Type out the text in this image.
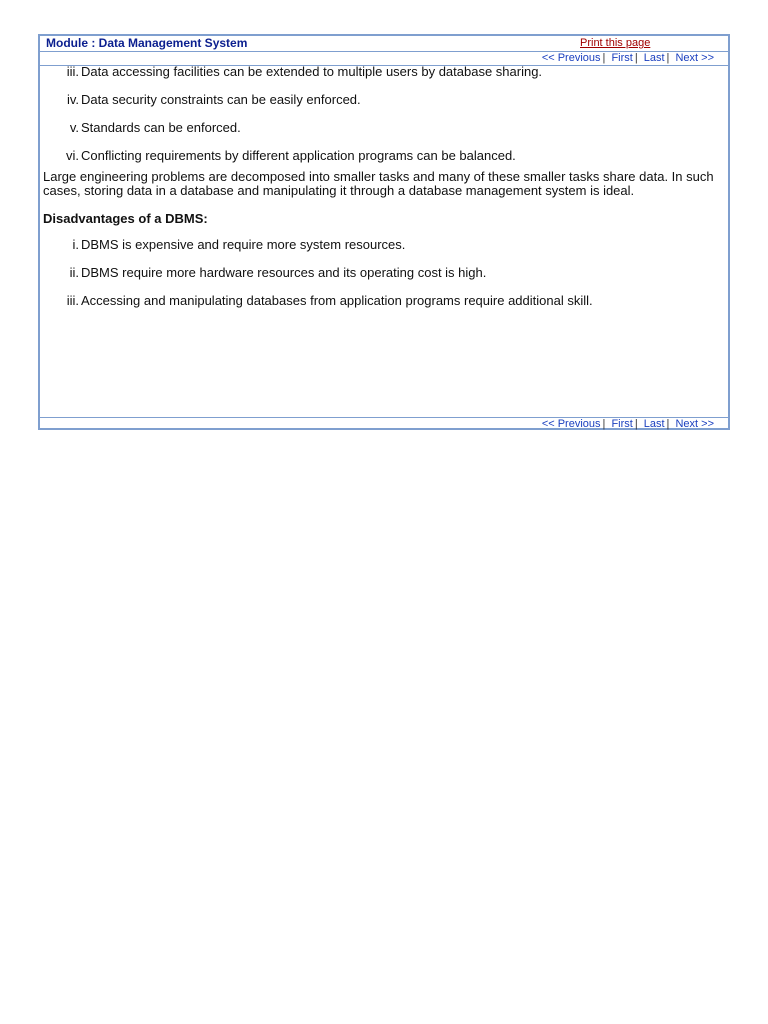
Module : Data Management System	Print this page
<< Previous | First | Last | Next >>
iii. Data accessing facilities can be extended to multiple users by database sharing.
iv. Data security constraints can be easily enforced.
v. Standards can be enforced.
vi. Conflicting requirements by different application programs can be balanced.

Large engineering problems are decomposed into smaller tasks and many of these smaller tasks share data. In such cases, storing data in a database and manipulating it through a database management system is ideal.

Disadvantages of a DBMS:

i. DBMS is expensive and require more system resources.
ii. DBMS require more hardware resources and its operating cost is high.
iii. Accessing and manipulating databases from application programs require additional skill.
<< Previous | First | Last | Next >>
